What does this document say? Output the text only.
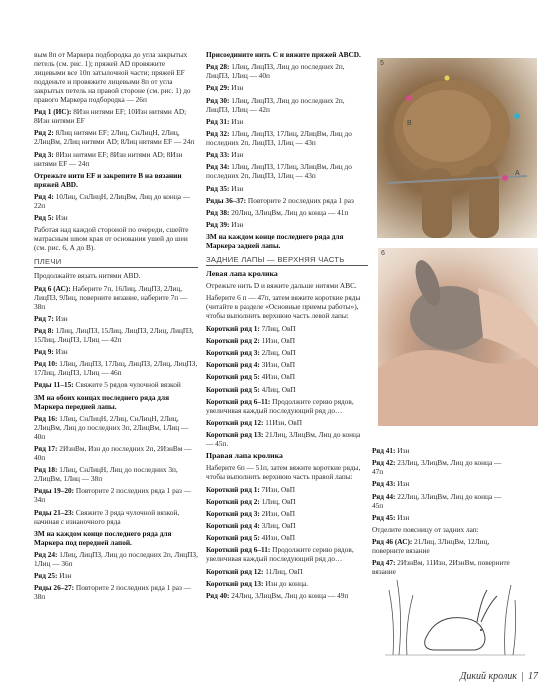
вым 8п от Маркера подбородка до угла закрытых петель (см. рис. 1); пряжей AD провяжите лицевыми все 10п затылочной части; пряжей EF подденьте и провяжите лицевыми 8п от угла закрытых петель на правой стороне (см. рис. 1) до правого Маркера подбородка — 26п

Ряд 1 (ИС): 8Изн нитями EF; 10Изн нитями AD; 8Изн нитями EF

Ряд 2: 8Лиц нитями EF; 2Лиц, СнЛицН, 2Лиц, 2ЛицВм, 2Лиц нитями AD; 8Лиц нитями EF — 24п

Ряд 3: 8Изн нитями EF; 8Изн нитями AD; 8Изн нитями EF — 24п

Отрежьте нити EF и закрепите B на вязании пряжей ABD.

Ряд 4: 10Лиц, СнЛицН, 2ЛицВм, Лиц до конца — 22п

Ряд 5: Изн

Работая над каждой стороной по очереди, сшейте матрасным швом края от основания ушей до шеи (см. рис. 6, А до В).

ПЛЕЧИ

Продолжайте вязать нитями ABD.

Ряд 6 (АС): Наберите 7п, 16Лиц, ЛицПЗ, 2Лиц, ЛицПЗ, 9Лиц, поверните вязание, наберите 7п — 38п

Ряд 7: Изн

Ряд 8: 1Лиц, ЛицПЗ, 15Лиц, ЛицПЗ, 2Лиц, ЛицПЗ, 15Лиц, ЛицПЗ, 1Лиц — 42п

Ряд 9: Изн

Ряд 10: 1Лиц, ЛицПЗ, 17Лиц, ЛицПЗ, 2Лиц, ЛицПЗ, 17Лиц, ЛицПЗ, 1Лиц — 46п

Ряды 11–15: Свяжите 5 рядов чулочной вязкой

ЗМ на обоих концах последнего ряда для Маркера передней лапы.

Ряд 16: 1Лиц, СнЛицН, 2Лиц, СнЛицН, 2Лиц, 2ЛицВм, Лиц до последних 3п, 2ЛицВм, 1Лиц — 40п

Ряд 17: 2ИзнВм, Изн до последних 2п, 2ИзнВм — 40п

Ряд 18: 1Лиц, СнЛицН, Лиц до последних 3п, 2ЛицВм, 1Лиц — 38п

Ряды 19–20: Повторите 2 последних ряда 1 раз — 34п

Ряды 21–23: Свяжите 3 ряда чулочной вязкой, начиная с изнаночного ряда

ЗМ на каждом конце последнего ряда для Маркера под передней лапой.

Ряд 24: 1Лиц, ЛицПЗ, Лиц до последних 2п, ЛицПЗ, 1Лиц — 36п

Ряд 25: Изн

Ряды 26–27: Повторите 2 последних ряда 1 раз — 38п

Присоедините нить С и вяжите пряжей ABCD.

Ряд 28: 1Лиц, ЛицПЗ, Лиц до последних 2п, ЛицПЗ, 1Лиц — 40п

Ряд 29: Изн

Ряд 30: 1Лиц, ЛицПЗ, Лиц до последних 2п, ЛицПЗ, 1Лиц — 42п

Ряд 31: Изн

Ряд 32: 1Лиц, ЛицПЗ, 17Лиц, 2ЛицВм, Лиц до последних 2п, ЛицПЗ, 1Лиц — 43п

Ряд 33: Изн

Ряд 34: 1Лиц, ЛицПЗ, 17Лиц, 3ЛицВм, Лиц до последних 2п, ЛицПЗ, 1Лиц — 43п

Ряд 35: Изн

Ряды 36–37: Повторите 2 последних ряда 1 раз

Ряд 38: 20Лиц, 3ЛицВм, Лиц до конца — 41п

Ряд 39: Изн

ЗМ на каждом конце последнего ряда для Маркера задней лапы.

ЗАДНИЕ ЛАПЫ — ВЕРХНЯЯ ЧАСТЬ
Левая лапа кролика

Отрежьте нить D и вяжите дальше нитями ABC.

Наберите 6 п — 47п, затем вяжите короткие ряды (читайте в разделе «Основные приемы работы»), чтобы выполнить верхнюю часть левой лапы:

Короткий ряд 1: 7Лиц, ОвП

Короткий ряд 2: 1Изн, ОвП

Короткий ряд 3: 2Лиц, ОвП

Короткий ряд 4: 3Изн, ОвП

Короткий ряд 5: 4Изн, ОвП

Короткий ряд 5: 4Лиц, ОвП

Короткий ряд 6–11: Продолжите серию рядов, увеличивая каждый последующий ряд до…

Короткий ряд 12: 11Изн, ОвП

Короткий ряд 13: 21Лиц, 3ЛицВм, Лиц до конца — 45п.

Правая лапа кролика

Наберите 6п — 51п, затем вяжите короткие ряды, чтобы выполнить верхнюю часть правой лапы:

Короткий ряд 1: 7Изн, ОвП

Короткий ряд 2: 1Лиц, ОвП

Короткий ряд 3: 2Изн, ОвП

Короткий ряд 4: 3Лиц, ОвП

Короткий ряд 5: 4Изн, ОвП

Короткий ряд 6–11: Продолжите серию рядов, увеличивая каждый последующий ряд до…

Короткий ряд 12: 11Лиц, ОвП

Короткий ряд 13: Изн до конца.

Ряд 40: 24Лиц, 3ЛицВм, Лиц до конца — 49п

5
B
A
6

Ряд 41: Изн

Ряд 42: 23Лиц, 3ЛицВм, Лиц до конца — 47п

Ряд 43: Изн

Ряд 44: 22Лиц, 3ЛицВм, Лиц до конца — 45п

Ряд 45: Изн

Отделите поясницу от задних лап:

Ряд 46 (АС): 21Лиц, 3ЛицВм, 12Лиц, поверните вязание

Ряд 47: 2ИзнВм, 11Изн, 2ИзнВм, поверните вязание

Дикий кролик | 17
